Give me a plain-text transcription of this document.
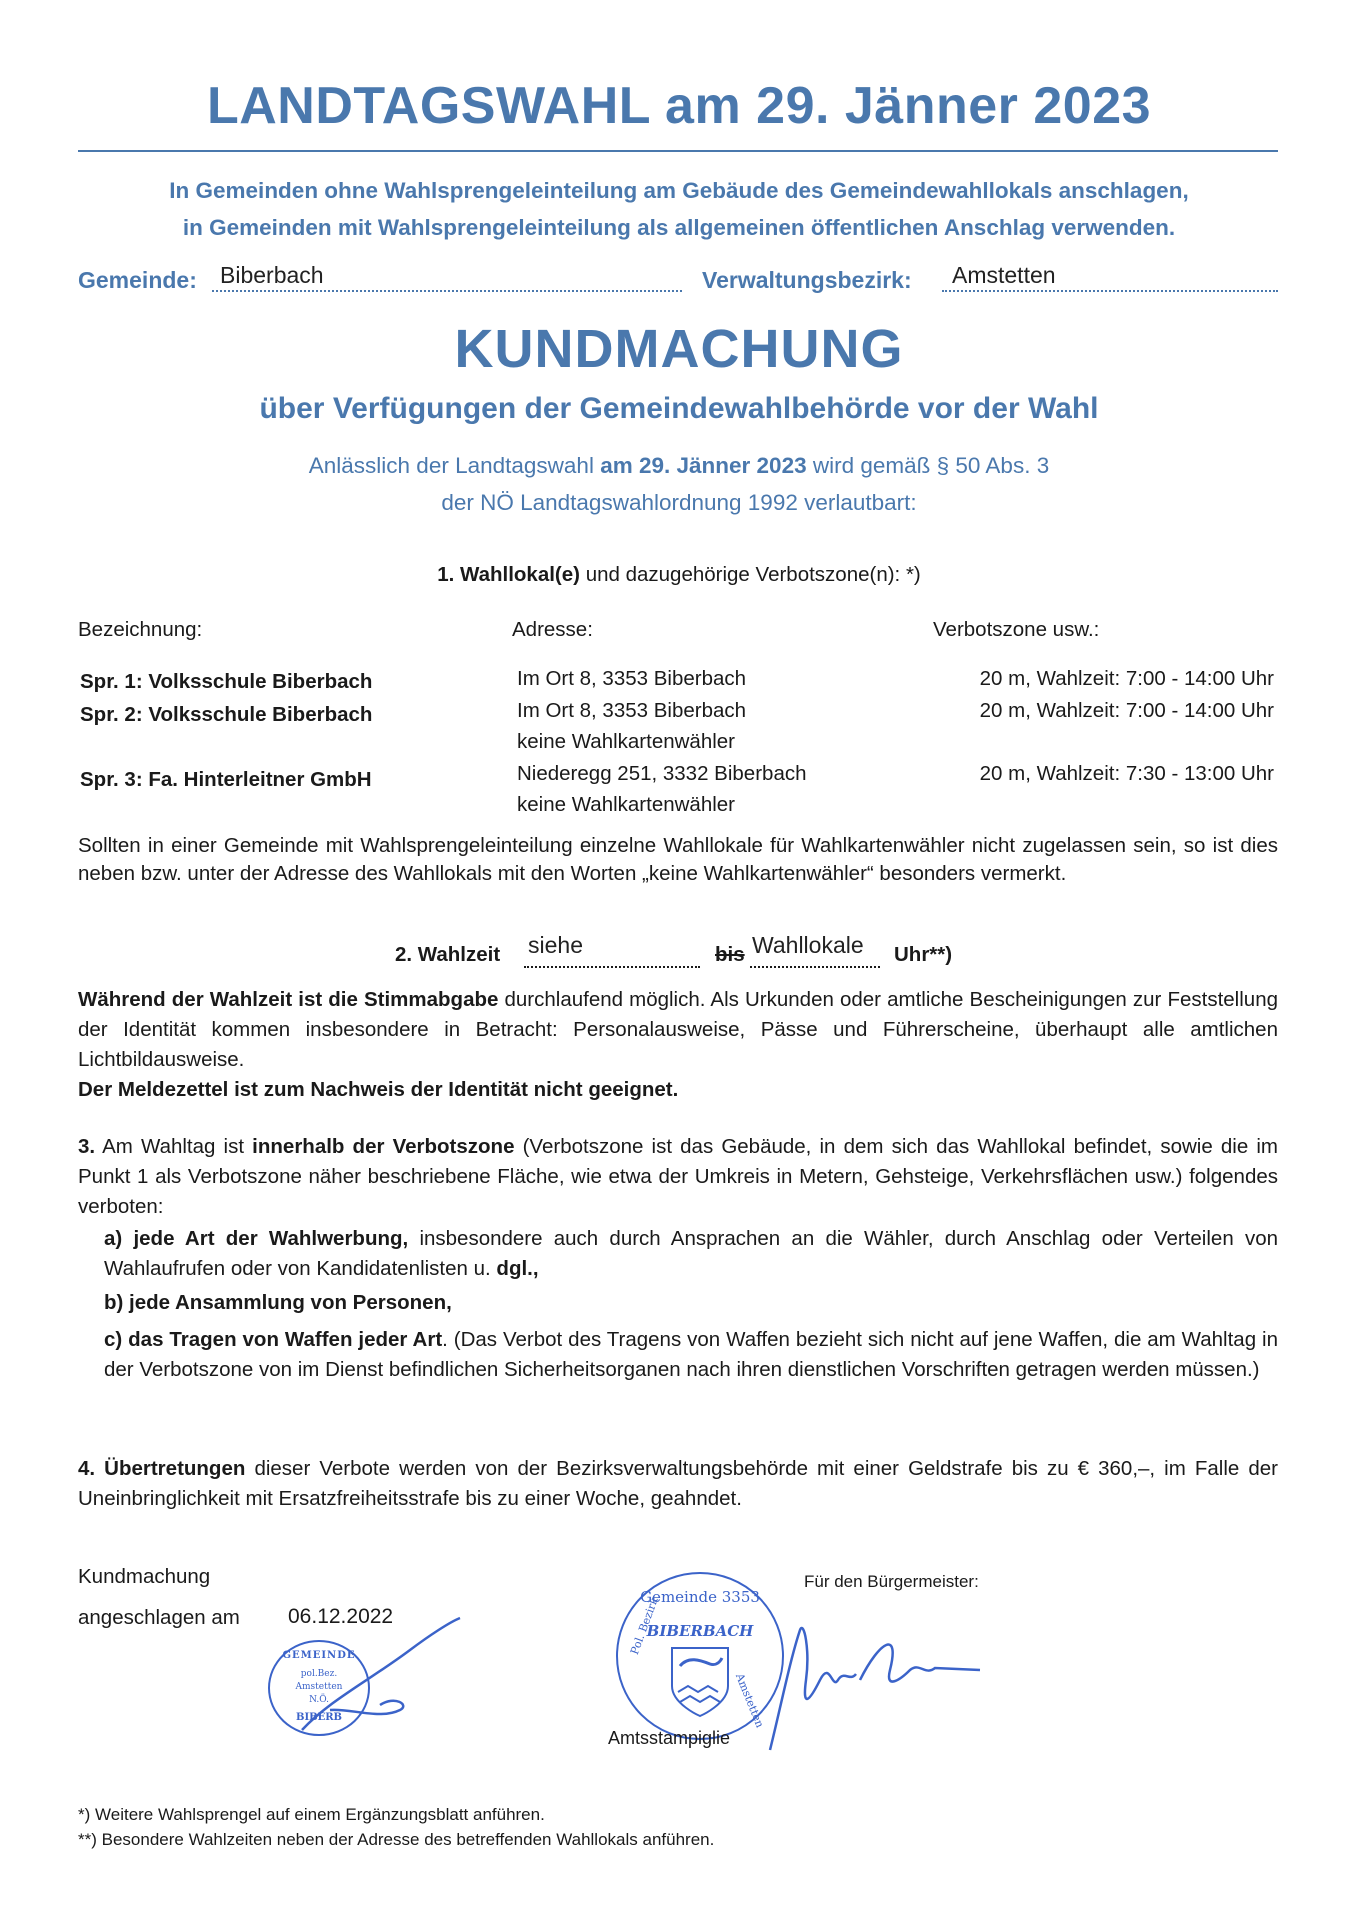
LANDTAGSWAHL am 29. Jänner 2023
In Gemeinden ohne Wahlsprengeleinteilung am Gebäude des Gemeindewahllokals anschlagen,
in Gemeinden mit Wahlsprengeleinteilung als allgemeinen öffentlichen Anschlag verwenden.
Gemeinde: Biberbach	Verwaltungsbezirk: Amstetten
KUNDMACHUNG
über Verfügungen der Gemeindewahlbehörde vor der Wahl
Anlässlich der Landtagswahl am 29. Jänner 2023 wird gemäß § 50 Abs. 3
der NÖ Landtagswahlordnung 1992 verlautbart:
1. Wahllokal(e) und dazugehörige Verbotszone(n): *)
Bezeichnung:	Adresse:	Verbotszone usw.:
Spr. 1: Volksschule Biberbach	Im Ort 8, 3353 Biberbach	20 m, Wahlzeit: 7:00 - 14:00 Uhr
Spr. 2: Volksschule Biberbach	Im Ort 8, 3353 Biberbach	20 m, Wahlzeit: 7:00 - 14:00 Uhr
keine Wahlkartenwähler
Spr. 3: Fa. Hinterleitner GmbH	Niederegg 251, 3332 Biberbach	20 m, Wahlzeit: 7:30 - 13:00 Uhr
keine Wahlkartenwähler
Sollten in einer Gemeinde mit Wahlsprengeleinteilung einzelne Wahllokale für Wahlkartenwähler nicht zugelassen sein, so ist dies neben bzw. unter der Adresse des Wahllokals mit den Worten „keine Wahlkartenwähler“ besonders vermerkt.
2. Wahlzeit siehe	bis Wahllokale Uhr**)
Während der Wahlzeit ist die Stimmabgabe durchlaufend möglich. Als Urkunden oder amtliche Bescheinigungen zur Feststellung der Identität kommen insbesondere in Betracht: Personalausweise, Pässe und Führerscheine, überhaupt alle amtlichen Lichtbildausweise.
Der Meldezettel ist zum Nachweis der Identität nicht geeignet.
3. Am Wahltag ist innerhalb der Verbotszone (Verbotszone ist das Gebäude, in dem sich das Wahllokal befindet, sowie die im Punkt 1 als Verbotszone näher beschriebene Fläche, wie etwa der Umkreis in Metern, Gehsteige, Verkehrsflächen usw.) folgendes verboten:
a) jede Art der Wahlwerbung, insbesondere auch durch Ansprachen an die Wähler, durch Anschlag oder Verteilen von Wahlaufrufen oder von Kandidatenlisten u. dgl.,
b) jede Ansammlung von Personen,
c) das Tragen von Waffen jeder Art. (Das Verbot des Tragens von Waffen bezieht sich nicht auf jene Waffen, die am Wahltag in der Verbotszone von im Dienst befindlichen Sicherheitsorganen nach ihren dienstlichen Vorschriften getragen werden müssen.)
4. Übertretungen dieser Verbote werden von der Bezirksverwaltungsbehörde mit einer Geldstrafe bis zu € 360,–, im Falle der Uneinbringlichkeit mit Ersatzfreiheitsstrafe bis zu einer Woche, geahndet.
Kundmachung
angeschlagen am 06.12.2022
GEMEINDE
pol.Bez.
Amstetten
N.Ö.
BIBERB
Für den Bürgermeister:
Gemeinde 3353
BIBERBACH
Pol. Bezirk
Amstetten
Amtsstampiglie
*) Weitere Wahlsprengel auf einem Ergänzungsblatt anführen.
**) Besondere Wahlzeiten neben der Adresse des betreffenden Wahllokals anführen.
